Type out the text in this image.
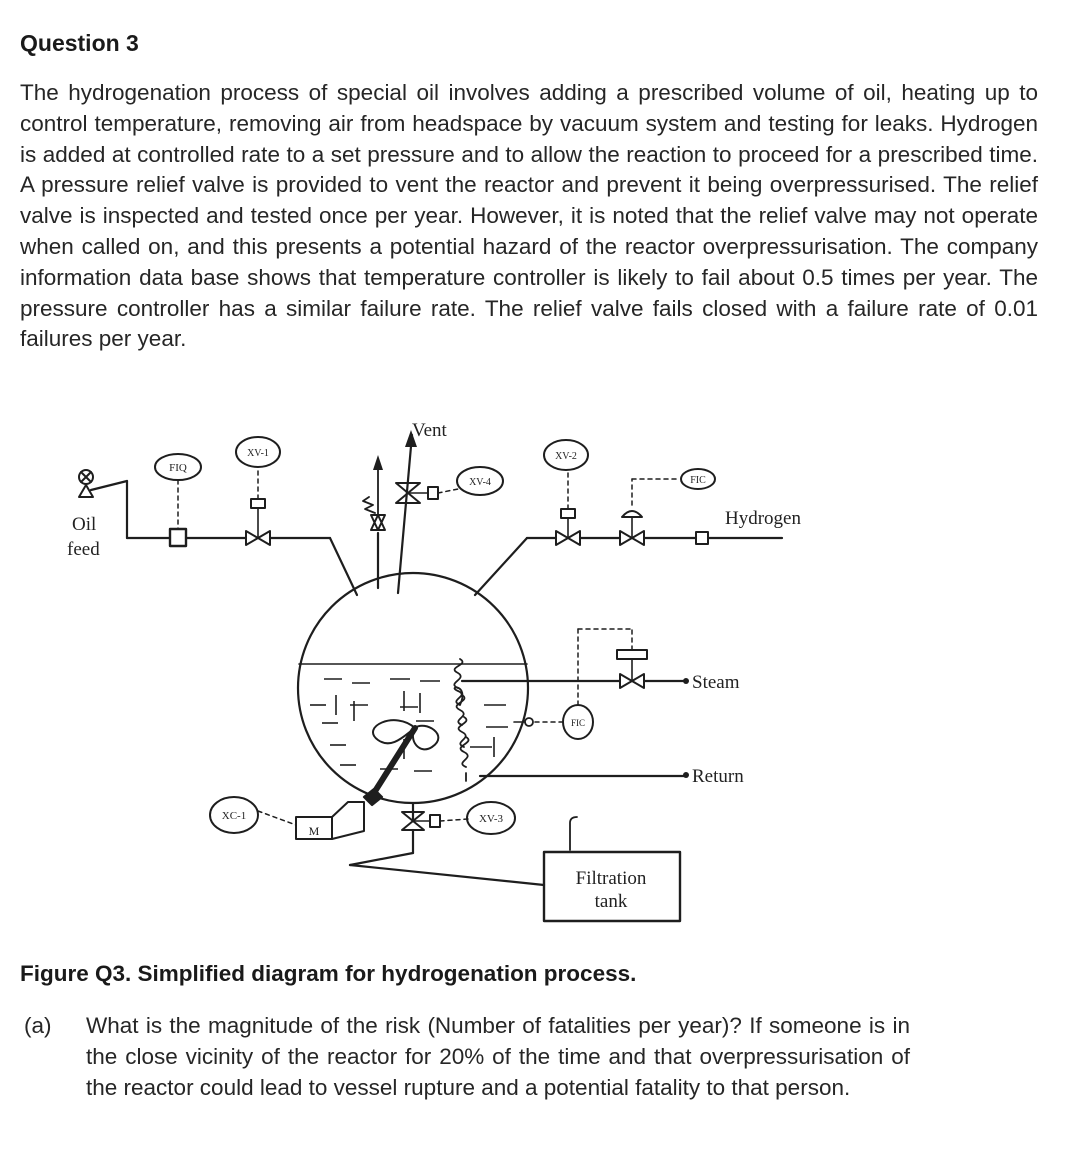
Question 3

The hydrogenation process of special oil involves adding a prescribed volume of oil, heating up to control temperature, removing air from headspace by vacuum system and testing for leaks. Hydrogen is added at controlled rate to a set pressure and to allow the reaction to proceed for a prescribed time. A pressure relief valve is provided to vent the reactor and prevent it being overpressurised. The relief valve is inspected and tested once per year. However, it is noted that the relief valve may not operate when called on, and this presents a potential hazard of the reactor overpressurisation. The company information data base shows that temperature controller is likely to fail about 0.5 times per year. The pressure controller has a similar failure rate. The relief valve fails closed with a failure rate of 0.01 failures per year.

Vent
Oil
feed
Hydrogen
Steam
Return
Filtration
tank
M
FIQ
XV-1	XV-2
XV-4	FIC
FIC
XC-1	XV-3

Figure Q3. Simplified diagram for hydrogenation process.

(a) What is the magnitude of the risk (Number of fatalities per year)? If someone is in the close vicinity of the reactor for 20% of the time and that overpressurisation of the reactor could lead to vessel rupture and a potential fatality to that person.
